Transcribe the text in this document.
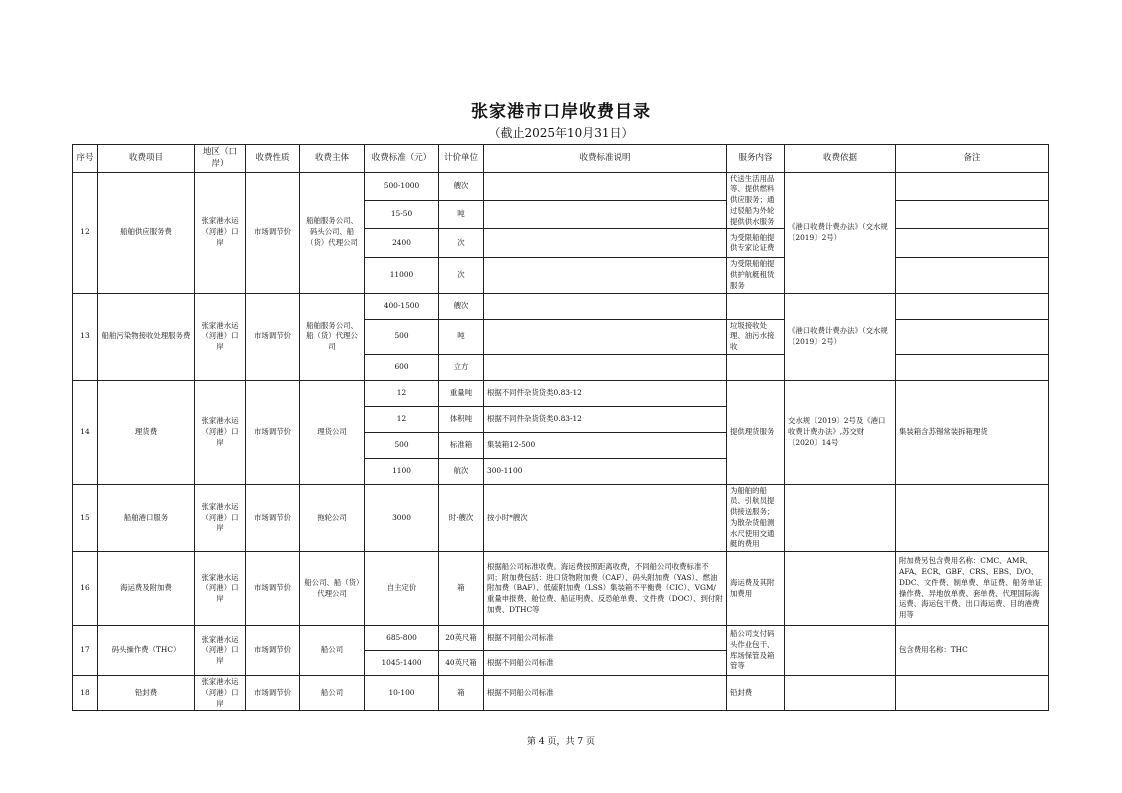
张家港市口岸收费目录
（截止2025年10月31日）
序号	收费项目	地区（口岸）	收费性质	收费主体	收费标准（元）	计价单位	收费标准说明	服务内容	收费依据	备注
12	船舶供应服务费	张家港水运（河港）口岸	市场调节价	船舶服务公司、码头公司、船（货）代理公司	500-1000	艘次		代送生活用品等、提供燃料供应服务；通过驳船为外轮提供供水服务	《港口收费计费办法》（交水规〔2019〕2号）	
					15-50	吨				
					2400	次		为受限船舶提供专家论证费		
					11000	次		为受限船舶提供护航艇租赁服务		
13	船舶污染物接收处理服务费	张家港水运（河港）口岸	市场调节价	船舶服务公司、船（货）代理公司	400-1500	艘次			《港口收费计费办法》（交水规〔2019〕2号）	
					500	吨		垃圾接收处理、油污水接收		
					600	立方				
14	理货费	张家港水运（河港）口岸	市场调节价	理货公司	12	重量吨	根据不同件杂货货类0.83-12	提供理货服务	交水规〔2019〕2号及《港口收费计费办法》,苏交财〔2020〕14号	集装箱含苏锡常装拆箱理货
					12	体积吨	根据不同件杂货货类0.83-12			
					500	标准箱	集装箱12-500			
					1100	航次	300-1100			
15	船舶港口服务	张家港水运（河港）口岸	市场调节价	拖轮公司	3000	时·艘次	按小时*艘次	为船舶的船员、引航员提供接送服务；为散杂货船测水尺使用交通艇的费用		
16	海运费及附加费	张家港水运（河港）口岸	市场调节价	船公司、船（货）代理公司	自主定价	箱	根据船公司标准收费。海运费按照距离收费，不同船公司收费标准不同；附加费包括：进口货物附加费（CAF）、码头附加费（YAS）、燃油附加费（BAF）、低硫附加费（LSS）集装箱不平衡费（CIC）、VGM/重量申报费、舱位费、船证明费、反恐舱单费、文件费（DOC）、到付附加费、DTHC等	海运费及其附加费用		附加费另包含费用名称：CMC、AMR、AFA、ECR、GBF、CRS、EBS、D/O、DDC、文件费、制单费、单证费、船务单证操作费、异地放单费、套单费、代理国际海运费、海运包干费、出口海运费、目的港费用等
17	码头操作费（THC）	张家港水运（河港）口岸	市场调节价	船公司	685-800	20英尺箱	根据不同船公司标准	船公司支付码头作业包干、库场保管及箱管等		包含费用名称：THC
					1045-1400	40英尺箱	根据不同船公司标准			
18	铅封费	张家港水运（河港）口岸	市场调节价	船公司	10-100	箱	根据不同船公司标准	铅封费		
第 4 页，共 7 页
